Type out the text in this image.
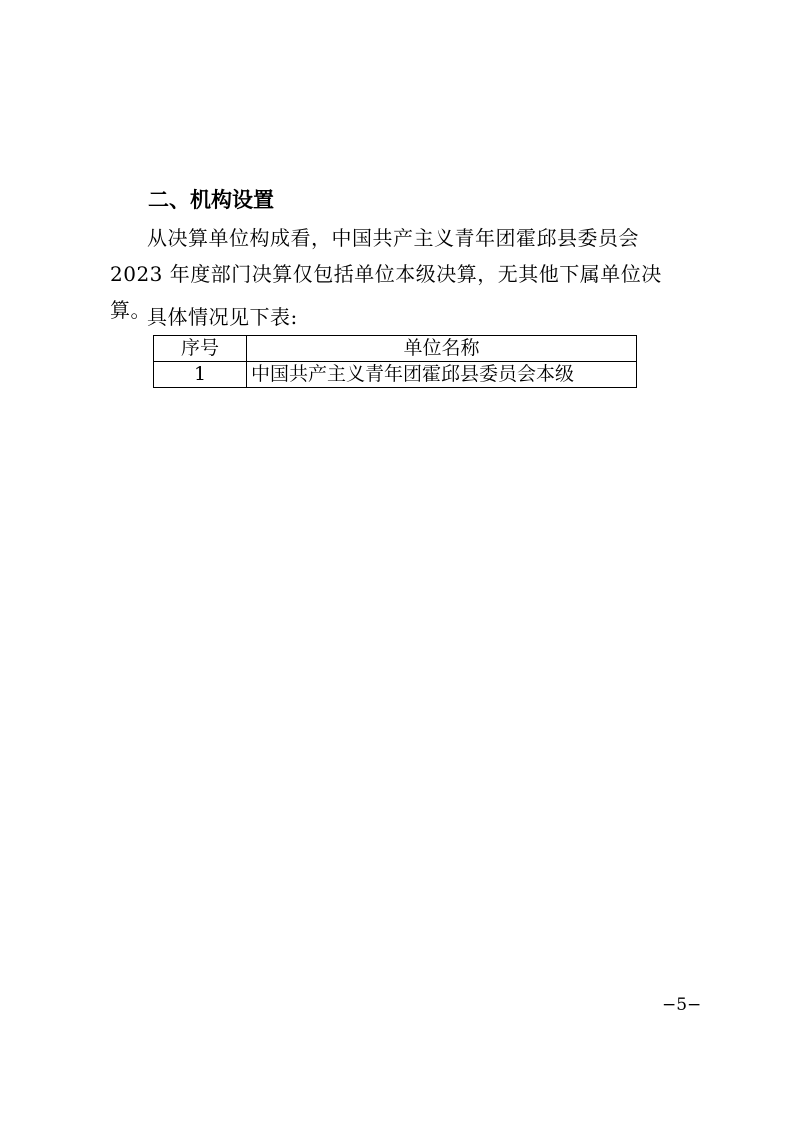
二、机构设置
从决算单位构成看，中国共产主义青年团霍邱县委员会 2023 年度部门决算仅包括单位本级决算，无其他下属单位决算。
具体情况见下表:
序号	单位名称
1	中国共产主义青年团霍邱县委员会本级
−5−
